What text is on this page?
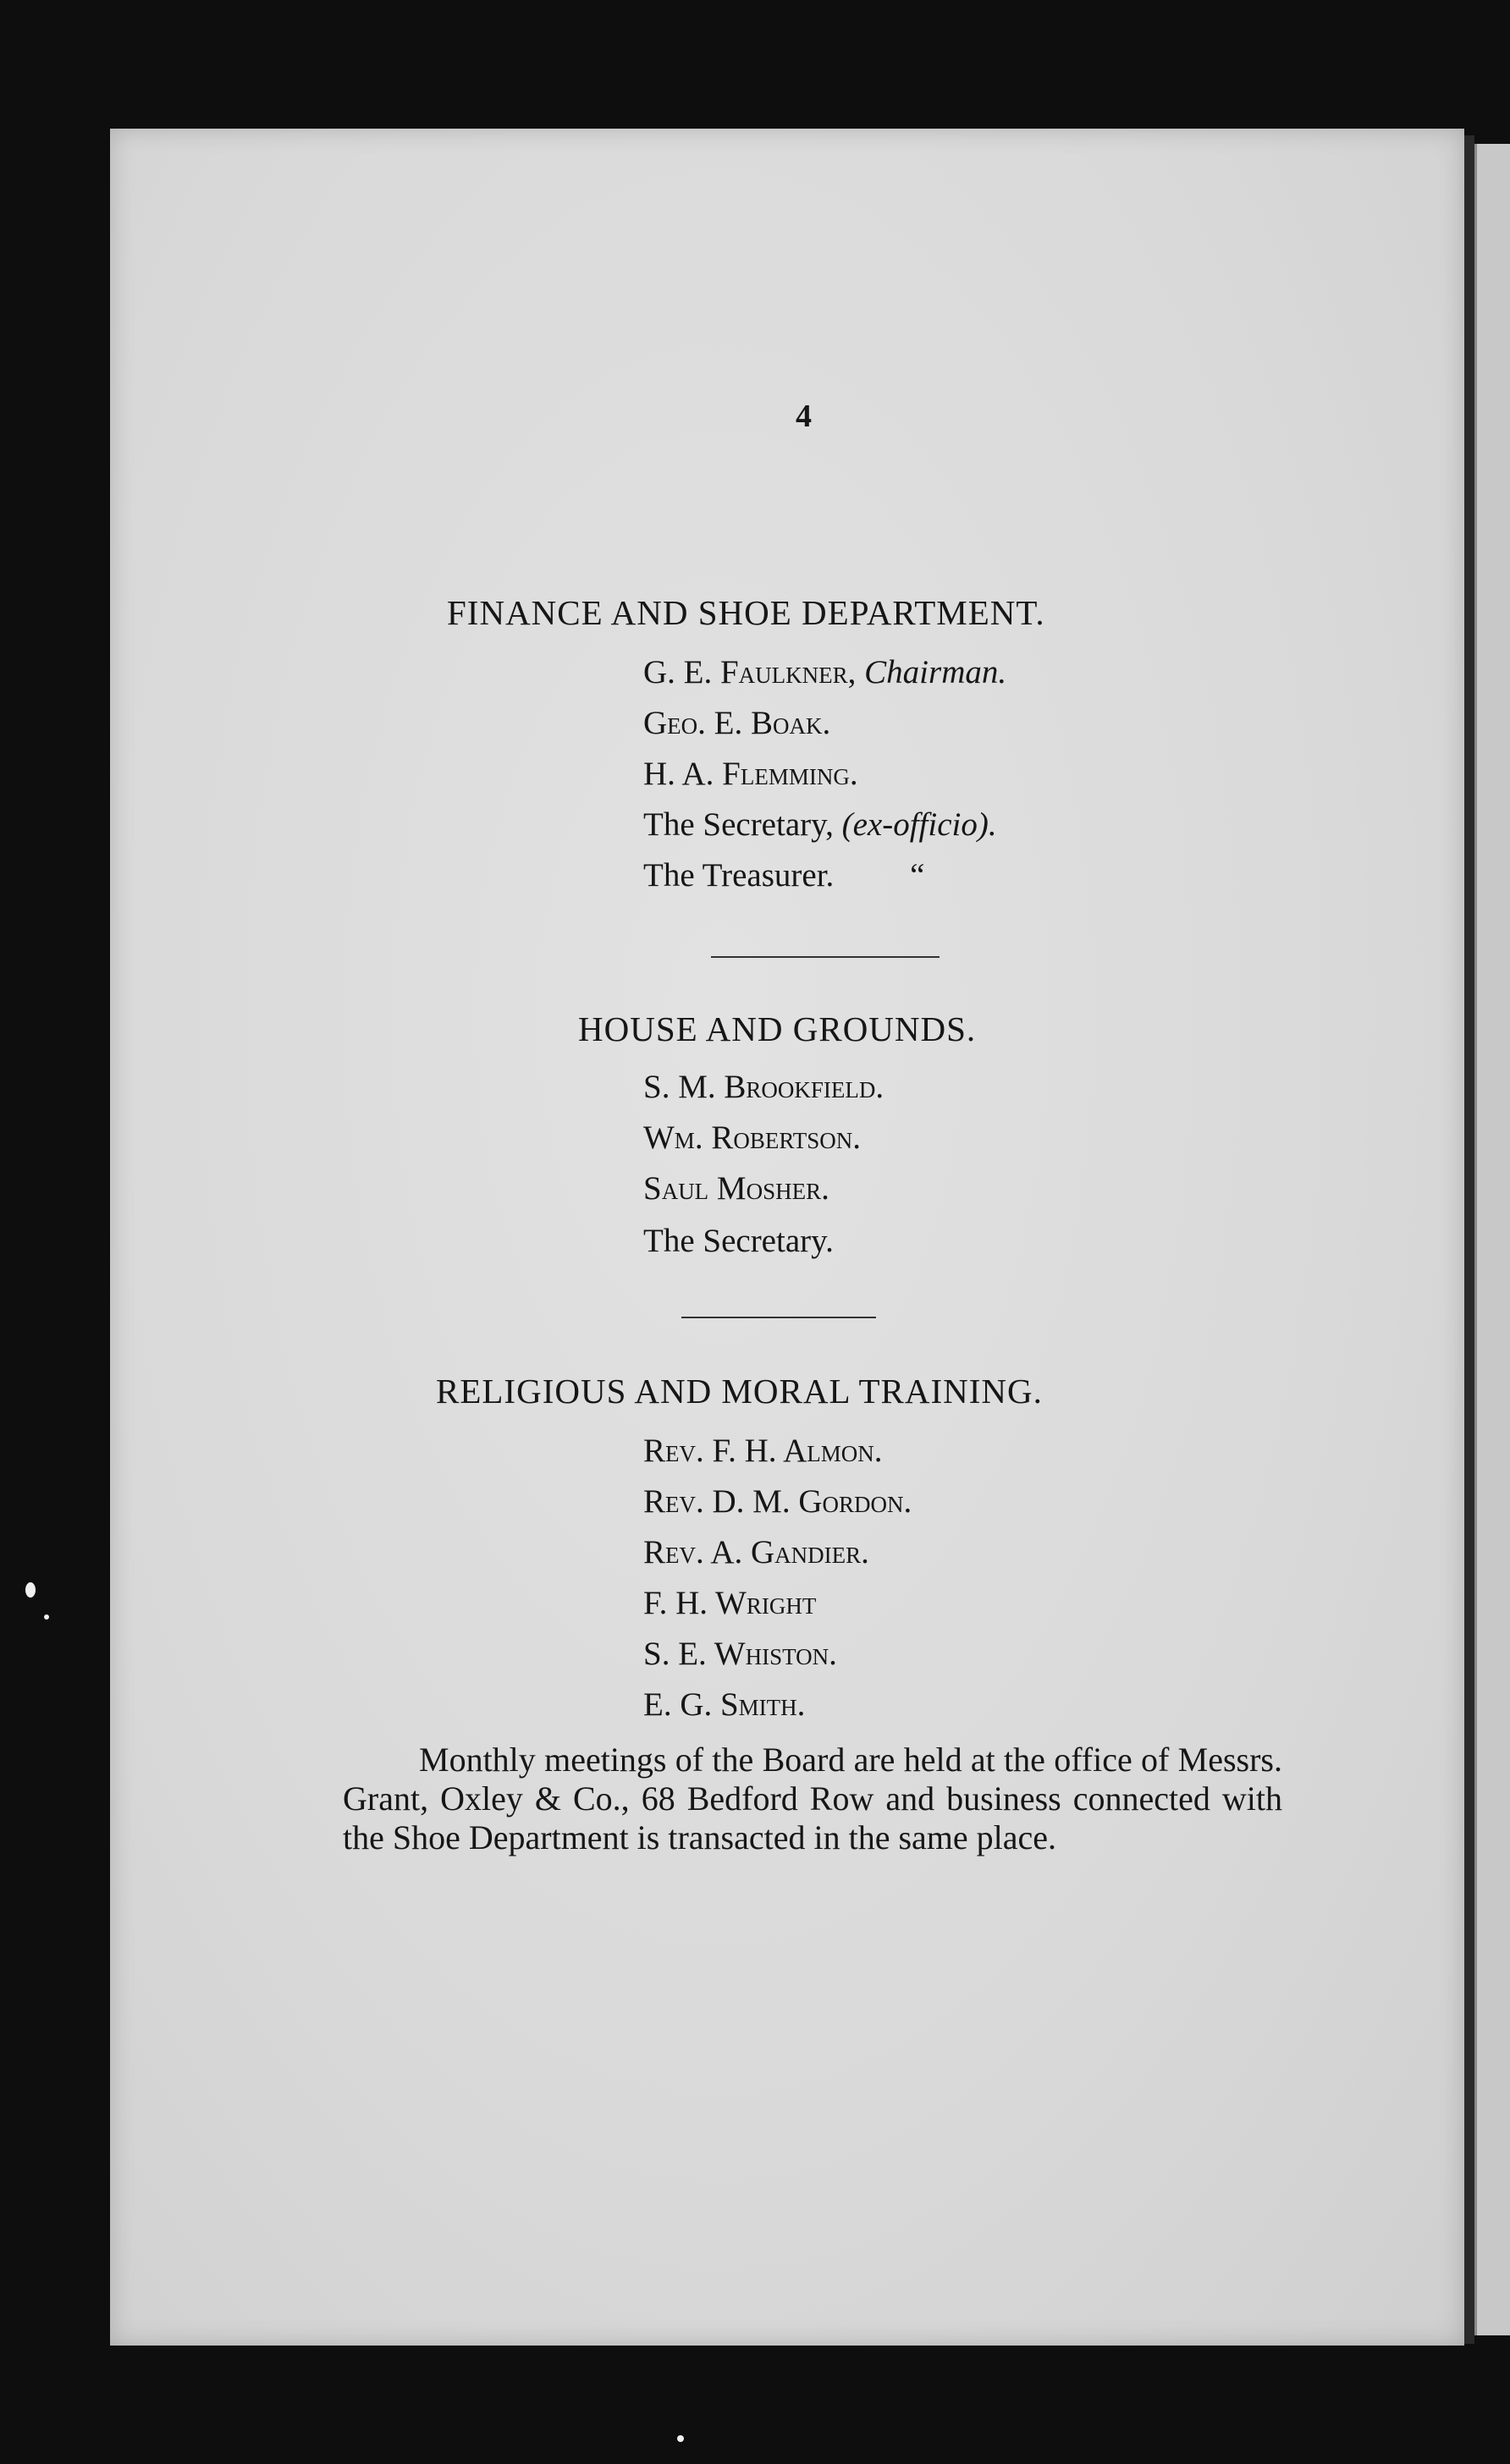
4
FINANCE AND SHOE DEPARTMENT.
G. E. Faulkner, Chairman.
Geo. E. Boak.
H. A. Flemming.
The Secretary, (ex-officio).
The Treasurer. “
HOUSE AND GROUNDS.
S. M. Brookfield.
Wm. Robertson.
Saul Mosher.
The Secretary.
RELIGIOUS AND MORAL TRAINING.
Rev. F. H. Almon.
Rev. D. M. Gordon.
Rev. A. Gandier.
F. H. Wright
S. E. Whiston.
E. G. Smith.

Monthly meetings of the Board are held at the office of Messrs. Grant, Oxley & Co., 68 Bedford Row and business connected with the Shoe Department is transacted in the same place.
